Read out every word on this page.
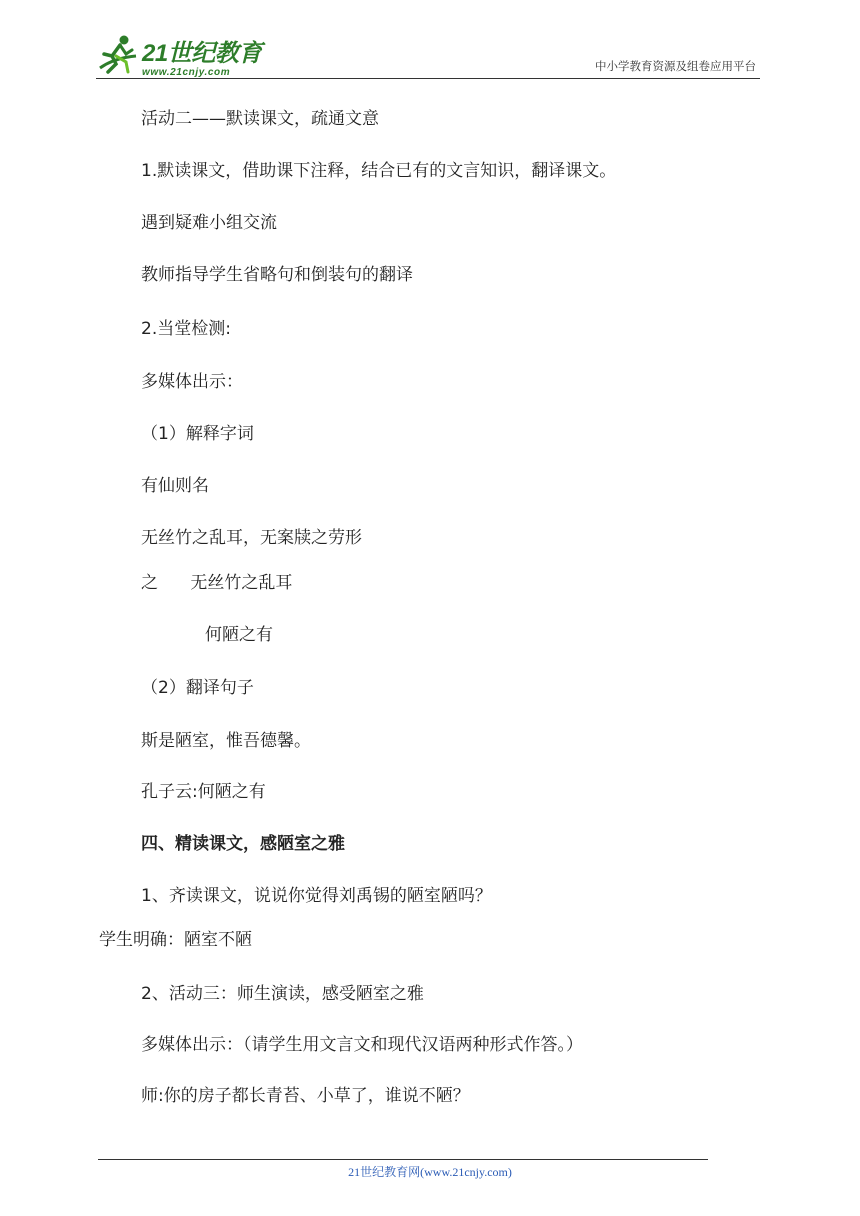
21世纪教育
www.21cnjy.com	中小学教育资源及组卷应用平台
活动二——默读课文，疏通文意
1.默读课文，借助课下注释，结合已有的文言知识，翻译课文。
遇到疑难小组交流
教师指导学生省略句和倒装句的翻译
2.当堂检测:
多媒体出示：
（1）解释字词
有仙则名
无丝竹之乱耳，无案牍之劳形
之      无丝竹之乱耳
何陋之有
（2）翻译句子
斯是陋室，惟吾德馨。
孔子云:何陋之有
四、精读课文，感陋室之雅
1、齐读课文，说说你觉得刘禹锡的陋室陋吗？
学生明确：陋室不陋
2、活动三：师生演读，感受陋室之雅
多媒体出示：（请学生用文言文和现代汉语两种形式作答。）
师:你的房子都长青苔、小草了，谁说不陋？
21世纪教育网(www.21cnjy.com)
